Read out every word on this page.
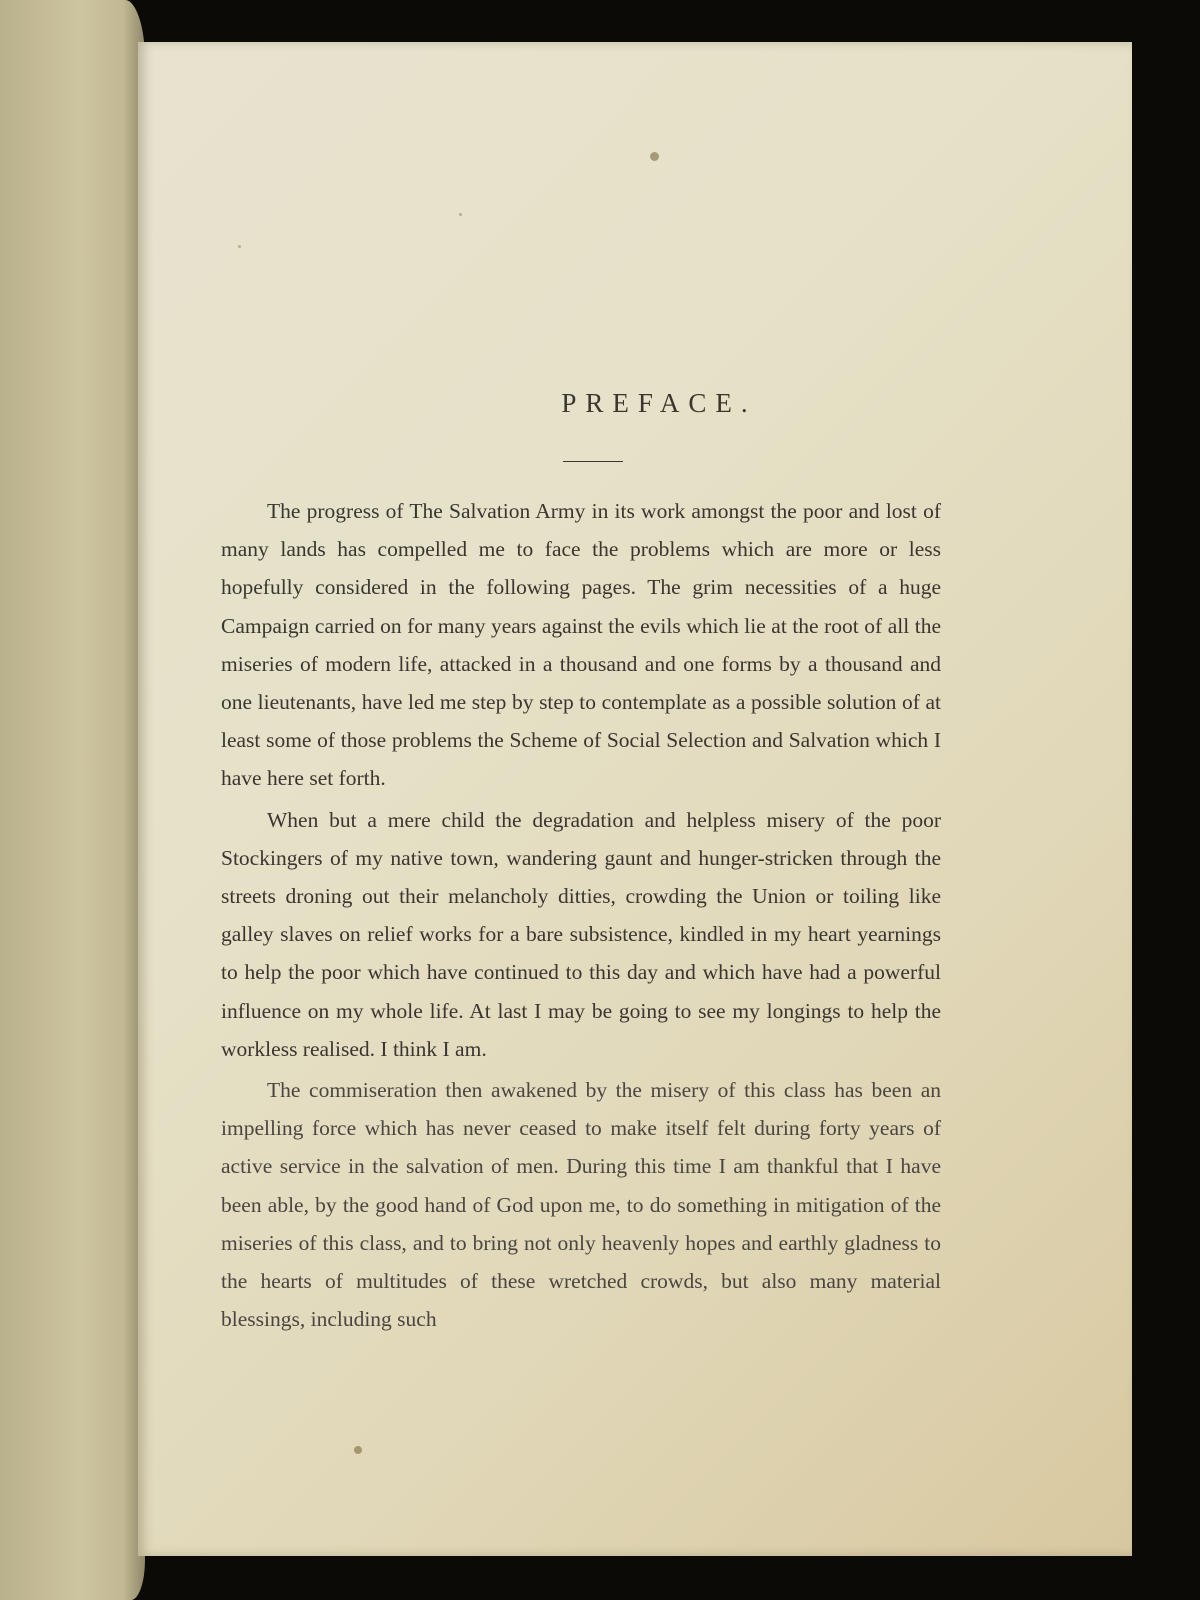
PREFACE.

The progress of The Salvation Army in its work amongst the poor and lost of many lands has compelled me to face the problems which are more or less hopefully considered in the following pages. The grim necessities of a huge Campaign carried on for many years against the evils which lie at the root of all the miseries of modern life, attacked in a thousand and one forms by a thousand and one lieutenants, have led me step by step to contemplate as a possible solution of at least some of those problems the Scheme of Social Selection and Salvation which I have here set forth.

When but a mere child the degradation and helpless misery of the poor Stockingers of my native town, wandering gaunt and hunger-stricken through the streets droning out their melancholy ditties, crowding the Union or toiling like galley slaves on relief works for a bare subsistence, kindled in my heart yearnings to help the poor which have continued to this day and which have had a powerful influence on my whole life. At last I may be going to see my longings to help the workless realised. I think I am.

The commiseration then awakened by the misery of this class has been an impelling force which has never ceased to make itself felt during forty years of active service in the salvation of men. During this time I am thankful that I have been able, by the good hand of God upon me, to do something in mitigation of the miseries of this class, and to bring not only heavenly hopes and earthly gladness to the hearts of multitudes of these wretched crowds, but also many material blessings, including such
